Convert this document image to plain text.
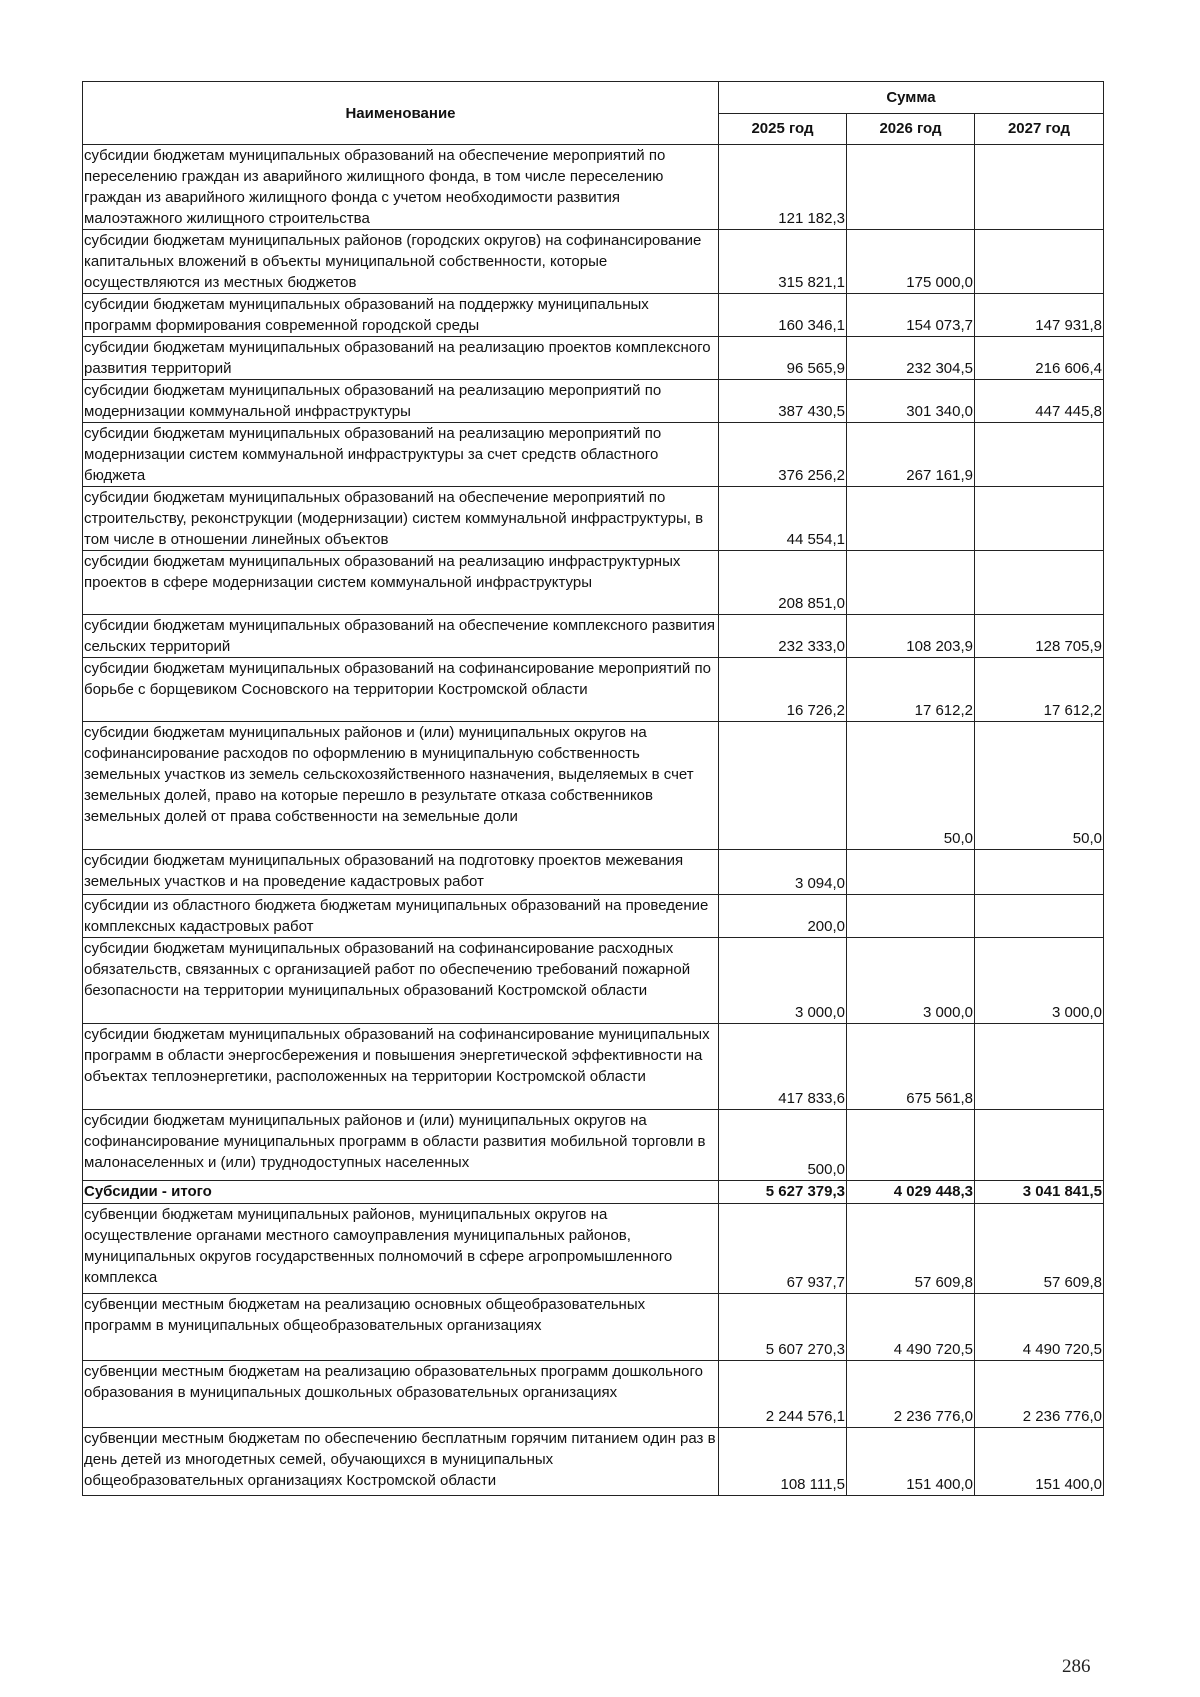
Наименование	Сумма		
	2025 год	2026 год	2027 год
субсидии бюджетам муниципальных образований на обеспечение мероприятий по переселению граждан из аварийного жилищного фонда, в том числе переселению граждан из аварийного жилищного фонда с учетом необходимости развития малоэтажного жилищного строительства	121 182,3		
субсидии бюджетам муниципальных районов (городских округов) на софинансирование капитальных вложений в объекты муниципальной собственности, которые осуществляются из местных бюджетов	315 821,1	175 000,0	
субсидии бюджетам муниципальных образований на поддержку муниципальных программ формирования современной городской среды	160 346,1	154 073,7	147 931,8
субсидии бюджетам муниципальных образований на реализацию проектов комплексного развития территорий	96 565,9	232 304,5	216 606,4
субсидии бюджетам муниципальных образований на реализацию мероприятий по модернизации коммунальной инфраструктуры	387 430,5	301 340,0	447 445,8
субсидии бюджетам муниципальных образований на реализацию мероприятий по модернизации систем коммунальной инфраструктуры за счет средств областного бюджета	376 256,2	267 161,9	
субсидии бюджетам муниципальных образований на обеспечение мероприятий по строительству, реконструкции (модернизации) систем коммунальной инфраструктуры, в том числе в отношении линейных объектов	44 554,1		
субсидии бюджетам муниципальных образований на реализацию инфраструктурных проектов в сфере модернизации систем коммунальной инфраструктуры	208 851,0		
субсидии бюджетам муниципальных образований на обеспечение комплексного развития сельских территорий	232 333,0	108 203,9	128 705,9
субсидии бюджетам муниципальных образований на софинансирование мероприятий по борьбе с борщевиком Сосновского на территории Костромской области	16 726,2	17 612,2	17 612,2
субсидии бюджетам муниципальных районов и (или) муниципальных округов на софинансирование расходов по оформлению в муниципальную собственность земельных участков из земель сельскохозяйственного назначения, выделяемых в счет земельных долей, право на которые перешло в результате отказа собственников земельных долей от права собственности на земельные доли		50,0	50,0
субсидии бюджетам муниципальных образований на подготовку проектов межевания земельных участков и на проведение кадастровых работ	3 094,0		
субсидии из областного бюджета бюджетам муниципальных образований на проведение комплексных кадастровых работ	200,0		
субсидии бюджетам муниципальных образований на софинансирование расходных обязательств, связанных с организацией работ по обеспечению требований пожарной безопасности на территории муниципальных образований Костромской области	3 000,0	3 000,0	3 000,0
субсидии бюджетам муниципальных образований на софинансирование муниципальных программ в области энергосбережения и повышения энергетической эффективности на объектах теплоэнергетики, расположенных на территории Костромской области	417 833,6	675 561,8	
субсидии бюджетам муниципальных районов и (или) муниципальных округов на софинансирование муниципальных программ в области развития мобильной торговли в малонаселенных и (или) труднодоступных населенных	500,0		
Субсидии - итого	5 627 379,3	4 029 448,3	3 041 841,5
субвенции бюджетам муниципальных районов, муниципальных округов на осуществление органами местного самоуправления муниципальных районов, муниципальных округов государственных полномочий в сфере агропромышленного комплекса	67 937,7	57 609,8	57 609,8
субвенции местным бюджетам на реализацию основных общеобразовательных программ в муниципальных общеобразовательных организациях	5 607 270,3	4 490 720,5	4 490 720,5
субвенции местным бюджетам на реализацию образовательных программ дошкольного образования в муниципальных дошкольных образовательных организациях	2 244 576,1	2 236 776,0	2 236 776,0
субвенции местным бюджетам по обеспечению бесплатным горячим питанием один раз в день детей из многодетных семей, обучающихся в муниципальных общеобразовательных организациях Костромской области	108 111,5	151 400,0	151 400,0
286
